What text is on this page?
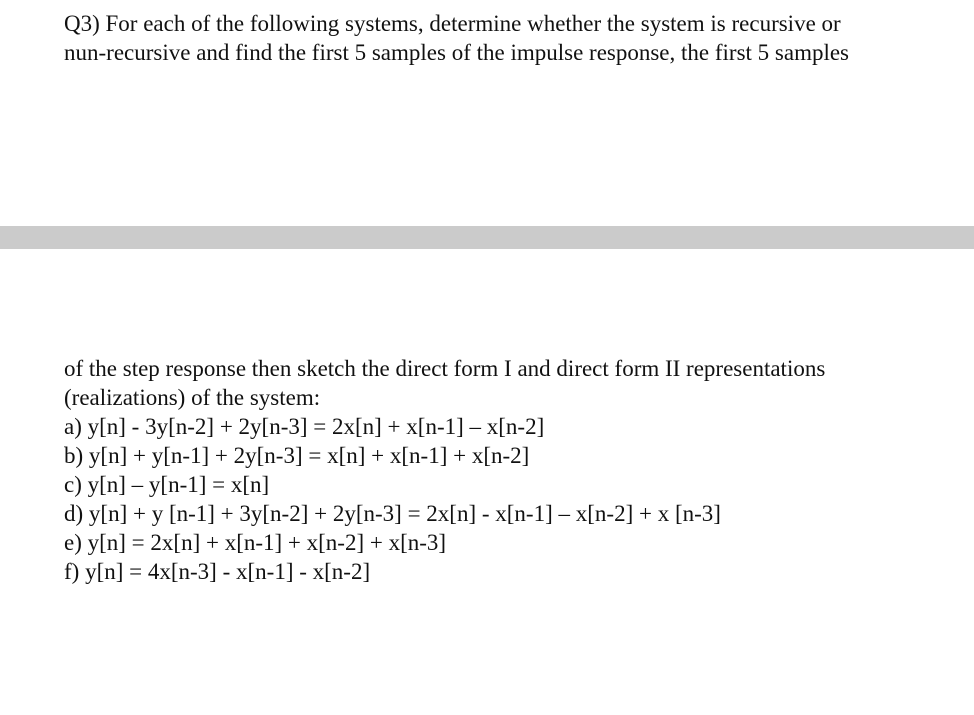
Q3) For each of the following systems, determine whether the system is recursive or
nun-recursive and find the first 5 samples of the impulse response, the first 5 samples
of the step response then sketch the direct form I and direct form II representations
(realizations) of the system:
a) y[n] - 3y[n-2] + 2y[n-3] = 2x[n] + x[n-1] – x[n-2]
b) y[n] + y[n-1] + 2y[n-3] = x[n] + x[n-1] + x[n-2]
c) y[n] – y[n-1] = x[n]
d) y[n] + y [n-1] + 3y[n-2] + 2y[n-3] = 2x[n] - x[n-1] – x[n-2] + x [n-3]
e) y[n] = 2x[n] + x[n-1] + x[n-2] + x[n-3]
f) y[n] = 4x[n-3] - x[n-1] - x[n-2]
